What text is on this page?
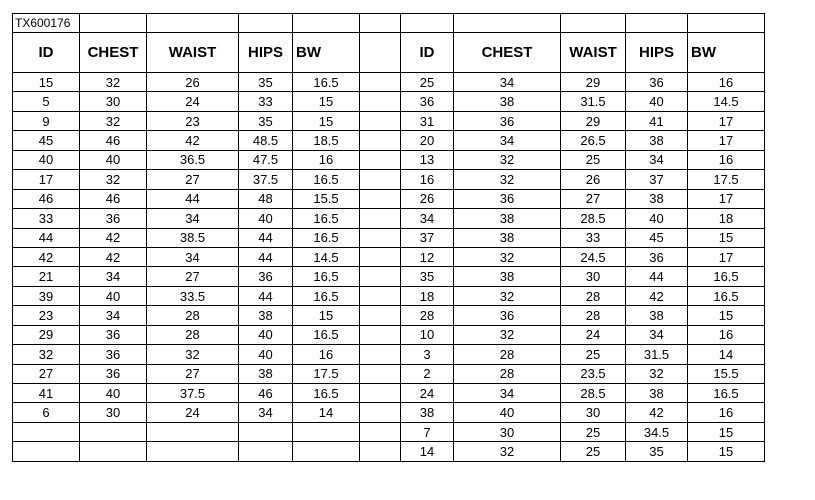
TX600176										
ID	CHEST	WAIST	HIPS	BW		ID	CHEST	WAIST	HIPS	BW
15	32	26	35	16.5		25	34	29	36	16
5	30	24	33	15		36	38	31.5	40	14.5
9	32	23	35	15		31	36	29	41	17
45	46	42	48.5	18.5		20	34	26.5	38	17
40	40	36.5	47.5	16		13	32	25	34	16
17	32	27	37.5	16.5		16	32	26	37	17.5
46	46	44	48	15.5		26	36	27	38	17
33	36	34	40	16.5		34	38	28.5	40	18
44	42	38.5	44	16.5		37	38	33	45	15
42	42	34	44	14.5		12	32	24.5	36	17
21	34	27	36	16.5		35	38	30	44	16.5
39	40	33.5	44	16.5		18	32	28	42	16.5
23	34	28	38	15		28	36	28	38	15
29	36	28	40	16.5		10	32	24	34	16
32	36	32	40	16		3	28	25	31.5	14
27	36	27	38	17.5		2	28	23.5	32	15.5
41	40	37.5	46	16.5		24	34	28.5	38	16.5
6	30	24	34	14		38	40	30	42	16
						7	30	25	34.5	15
						14	32	25	35	15
